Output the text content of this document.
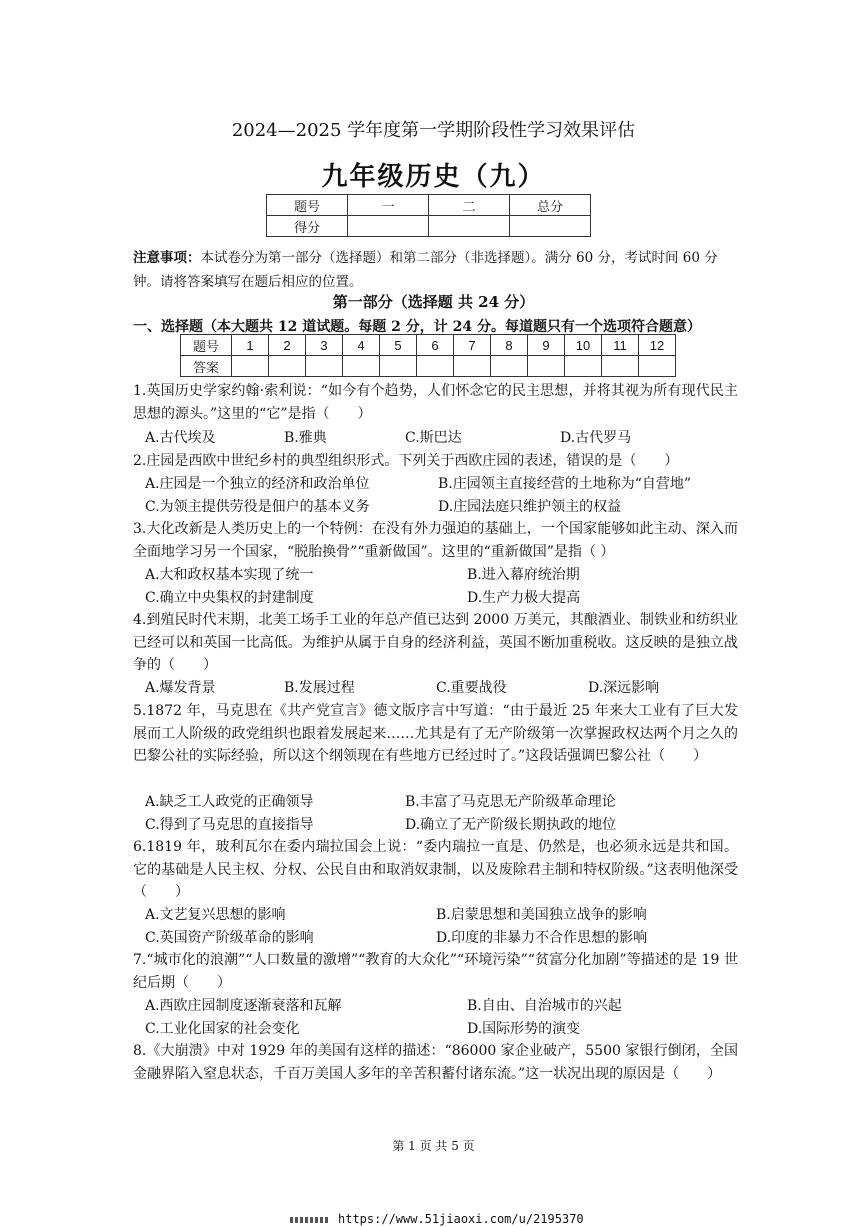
2024—2025 学年度第一学期阶段性学习效果评估
九年级历史（九）
题号	一	二	总分
得分			
注意事项：本试卷分为第一部分（选择题）和第二部分（非选择题）。满分 60 分，考试时间 60 分钟。请将答案填写在题后相应的位置。
第一部分（选择题 共 24 分）
一、选择题（本大题共 12 道试题。每题 2 分，计 24 分。每道题只有一个选项符合题意）
题号	1	2	3	4	5	6	7	8	9	10	11	12
答案												
1.英国历史学家约翰·索利说：“如今有个趋势，人们怀念它的民主思想，并将其视为所有现代民主思想的源头。”这里的“它”是指（　　）
A.古代埃及	B.雅典	C.斯巴达	D.古代罗马
2.庄园是西欧中世纪乡村的典型组织形式。下列关于西欧庄园的表述，错误的是（　　）
A.庄园是一个独立的经济和政治单位	B.庄园领主直接经营的土地称为“自营地”
C.为领主提供劳役是佃户的基本义务	D.庄园法庭只维护领主的权益
3.大化改新是人类历史上的一个特例：在没有外力强迫的基础上，一个国家能够如此主动、深入而全面地学习另一个国家，“脱胎换骨”“重新做国”。这里的“重新做国”是指（ ）
A.大和政权基本实现了统一	B.进入幕府统治期
C.确立中央集权的封建制度	D.生产力极大提高
4.到殖民时代末期，北美工场手工业的年总产值已达到 2000 万美元，其酿酒业、制铁业和纺织业已经可以和英国一比高低。为维护从属于自身的经济利益，英国不断加重税收。这反映的是独立战争的（　　）
A.爆发背景	B.发展过程	C.重要战役	D.深远影响
5.1872 年，马克思在《共产党宣言》德文版序言中写道：“由于最近 25 年来大工业有了巨大发展而工人阶级的政党组织也跟着发展起来……尤其是有了无产阶级第一次掌握政权达两个月之久的巴黎公社的实际经验，所以这个纲领现在有些地方已经过时了。”这段话强调巴黎公社（　　）
A.缺乏工人政党的正确领导	B.丰富了马克思无产阶级革命理论
C.得到了马克思的直接指导	D.确立了无产阶级长期执政的地位
6.1819 年，玻利瓦尔在委内瑞拉国会上说：“委内瑞拉一直是、仍然是，也必须永远是共和国。它的基础是人民主权、分权、公民自由和取消奴隶制，以及废除君主制和特权阶级。”这表明他深受（　　）
A.文艺复兴思想的影响	B.启蒙思想和美国独立战争的影响
C.英国资产阶级革命的影响	D.印度的非暴力不合作思想的影响
7.“城市化的浪潮”“人口数量的激增”“教育的大众化”“环境污染”“贫富分化加剧”等描述的是 19 世纪后期（　　）
A.西欧庄园制度逐渐衰落和瓦解	B.自由、自治城市的兴起
C.工业化国家的社会变化	D.国际形势的演变
8.《大崩溃》中对 1929 年的美国有这样的描述：“86000 家企业破产，5500 家银行倒闭，全国金融界陷入窒息状态，千百万美国人多年的辛苦积蓄付诸东流。”这一状况出现的原因是（　　）
第 1 页 共 5 页
https://www.51jiaoxi.com/u/2195370
